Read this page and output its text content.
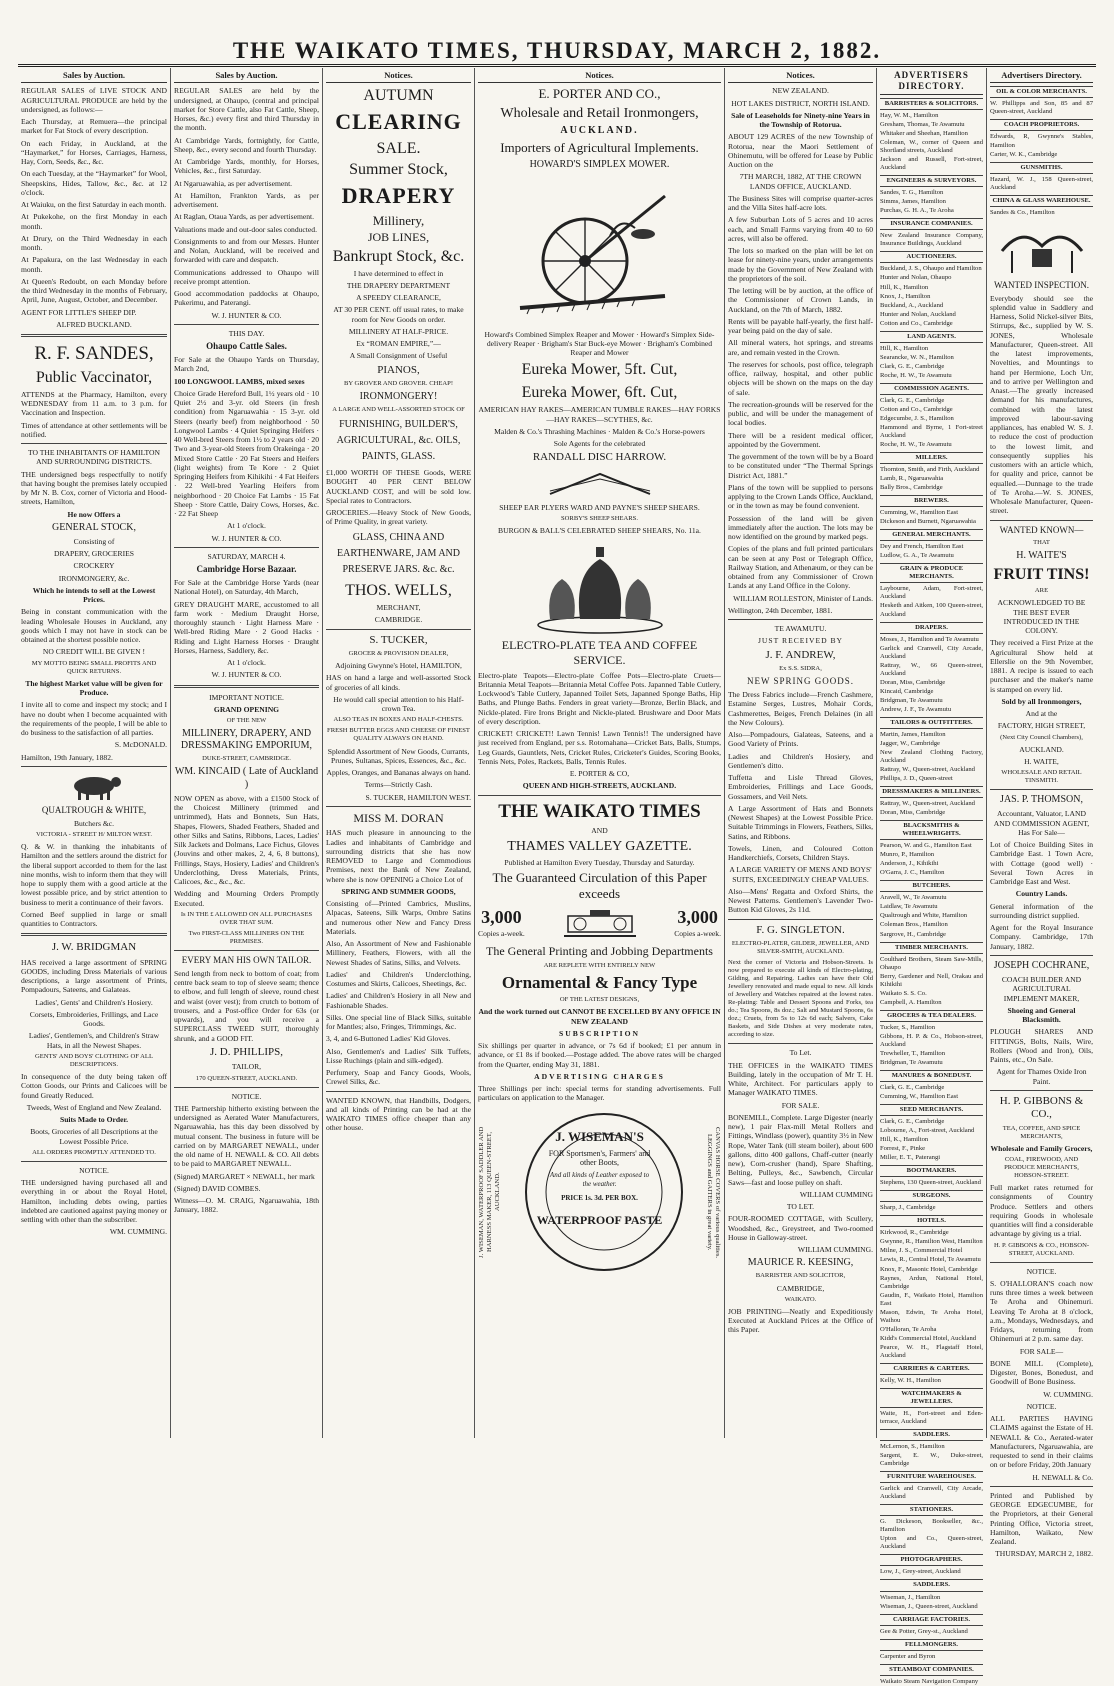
THE WAIKATO TIMES, THURSDAY, MARCH 2, 1882.
Sales by Auction.

REGULAR SALES of LIVE STOCK AND AGRICULTURAL PRODUCE are held by the undersigned, as follows:—

Each Thursday, at Remuera—the principal market for Fat Stock of every description.

On each Friday, in Auckland, at the “Haymarket,” for Horses, Carriages, Harness, Hay, Corn, Seeds, &c., &c.

On each Tuesday, at the “Haymarket” for Wool, Sheepskins, Hides, Tallow, &c., &c. at 12 o'clock.

At Waiuku, on the first Saturday in each month.

At Pukekohe, on the first Monday in each month.

At Drury, on the Third Wednesday in each month.

At Papakura, on the last Wednesday in each month.

At Queen's Redoubt, on each Monday before the third Wednesday in the months of February, April, June, August, October, and December.

AGENT FOR LITTLE'S SHEEP DIP.

ALFRED BUCKLAND.

R. F. SANDES,
Public Vaccinator,

ATTENDS at the Pharmacy, Hamilton, every WEDNESDAY from 11 a.m. to 3 p.m. for Vaccination and Inspection.

Times of attendance at other settlements will be notified.

TO THE INHABITANTS OF HAMILTON AND SURROUNDING DISTRICTS.

THE undersigned begs respectfully to notify that having bought the premises lately occupied by Mr N. B. Cox, corner of Victoria and Hood-streets, Hamilton,

He now Offers a

GENERAL STOCK,

Consisting of

DRAPERY, GROCERIES

CROCKERY

IRONMONGERY, &c.

Which he intends to sell at the Lowest Prices.

Being in constant communication with the leading Wholesale Houses in Auckland, any goods which I may not have in stock can be obtained at the shortest possible notice.

NO CREDIT WILL BE GIVEN !

MY MOTTO BEING SMALL PROFITS AND QUICK RETURNS.

The highest Market value will be given for Produce.

I invite all to come and inspect my stock; and I have no doubt when I become acquainted with the requirements of the people, I will be able to do business to the satisfaction of all parties.

S. McDONALD.

Hamilton, 19th January, 1882.

QUALTROUGH & WHITE,

Butchers &c.

VICTORIA - STREET H/ MILTON WEST.

Q. & W. in thanking the inhabitants of Hamilton and the settlers around the district for the liberal support accorded to them for the last nine months, wish to inform them that they will hope to supply them with a good article at the lowest possible price, and by strict attention to business to merit a continuance of their favors.

Corned Beef supplied in large or small quantities to Contractors.

J. W. BRIDGMAN

HAS received a large assortment of SPRING GOODS, including Dress Materials of various descriptions, a large assortment of Prints, Pompadours, Sateens, and Galateas.

Ladies', Gents' and Children's Hosiery.

Corsets, Embroideries, Frillings, and Lace Goods.

Ladies', Gentlemen's, and Children's Straw Hats, in all the Newest Shapes.

GENTS' AND BOYS' CLOTHING OF ALL DESCRIPTIONS.

In consequence of the duty being taken off Cotton Goods, our Prints and Calicoes will be found Greatly Reduced.

Tweeds, West of England and New Zealand.

Suits Made to Order.

Boots, Groceries of all Descriptions at the Lowest Possible Price.

ALL ORDERS PROMPTLY ATTENDED TO.

NOTICE.

THE undersigned having purchased all and everything in or about the Royal Hotel, Hamilton, including debts owing, parties indebted are cautioned against paying money or settling with other than the subscriber.

WM. CUMMING.

Sales by Auction.

REGULAR SALES are held by the undersigned, at Ohaupo, (central and principal market for Store Cattle, also Fat Cattle, Sheep, Horses, &c.) every first and third Thursday in the month.

At Cambridge Yards, fortnightly, for Cattle, Sheep, &c., every second and fourth Thursday.

At Cambridge Yards, monthly, for Horses, Vehicles, &c., first Saturday.

At Ngaruawahia, as per advertisement.

At Hamilton, Frankton Yards, as per advertisement.

At Raglan, Otaua Yards, as per advertisement.

Valuations made and out-door sales conducted.

Consignments to and from our Messrs. Hunter and Nolan, Auckland, will be received and forwarded with care and despatch.

Communications addressed to Ohaupo will receive prompt attention.

Good accommodation paddocks at Ohaupo, Pukerimu, and Paterangi.

W. J. HUNTER & CO.

THIS DAY.

Ohaupo Cattle Sales.

For Sale at the Ohaupo Yards on Thursday, March 2nd,

100 LONGWOOL LAMBS, mixed sexes

Choice Grade Hereford Bull, 1½ years old · 10 Quiet 2½ and 3-yr. old Steers (in fresh condition) from Ngaruawahia · 15 3-yr. old Steers (nearly beef) from neighborhood · 50 Longwool Lambs · 4 Quiet Springing Heifers · 40 Well-bred Steers from 1½ to 2 years old · 20 Two and 3-year-old Steers from Orakeinga · 20 Mixed Store Cattle · 20 Fat Steers and Heifers (light weights) from Te Kore · 2 Quiet Springing Heifers from Kihikihi · 4 Fat Heifers · 22 Well-bred Yearling Heifers from neighborhood · 20 Choice Fat Lambs · 15 Fat Sheep · Store Cattle, Dairy Cows, Horses, &c. · 22 Fat Sheep

At 1 o'clock.

W. J. HUNTER & CO.

SATURDAY, MARCH 4.

Cambridge Horse Bazaar.

For Sale at the Cambridge Horse Yards (near National Hotel), on Saturday, 4th March,

GREY DRAUGHT MARE, accustomed to all farm work · Medium Draught Horse, thoroughly staunch · Light Harness Mare · Well-bred Riding Mare · 2 Good Hacks · Riding and Light Harness Horses · Draught Horses, Harness, Saddlery, &c.

At 1 o'clock.

W. J. HUNTER & CO.

IMPORTANT NOTICE.

GRAND OPENING

OF THE NEW

MILLINERY, DRAPERY, AND DRESSMAKING EMPORIUM,

DUKE-STREET, CAMBRIDGE.

WM. KINCAID ( Late of Auckland )

NOW OPEN as above, with a £1500 Stock of the Choicest Millinery (trimmed and untrimmed), Hats and Bonnets, Sun Hats, Shapes, Flowers, Shaded Feathers, Shaded and other Silks and Satins, Ribbons, Laces, Ladies' Silk Jackets and Dolmans, Lace Fichus, Gloves (Jouvins and other makes, 2, 4, 6, 8 buttons), Frillings, Stays, Hosiery, Ladies' and Children's Underclothing, Dress Materials, Prints, Calicoes, &c., &c., &c.

Wedding and Mourning Orders Promptly Executed.

Is IN THE £ ALLOWED ON ALL PURCHASES OVER THAT SUM.

Two FIRST-CLASS MILLINERS ON THE PREMISES.

EVERY MAN HIS OWN TAILOR.

Send length from neck to bottom of coat; from centre back seam to top of sleeve seam; thence to elbow, and full length of sleeve, round chest and waist (over vest); from crutch to bottom of trousers, and a Post-office Order for 63s (or upwards), and you will receive a SUPERCLASS TWEED SUIT, thoroughly shrunk, and a GOOD FIT.

J. D. PHILLIPS,

TAILOR,

170 QUEEN-STREET, AUCKLAND.

NOTICE.

THE Partnership hitherto existing between the undersigned as Aerated Water Manufacturers, Ngaruawahia, has this day been dissolved by mutual consent. The business in future will be carried on by MARGARET NEWALL, under the old name of H. NEWALL & CO. All debts to be paid to MARGARET NEWALL.

(Signed) MARGARET × NEWALL, her mark

(Signed) DAVID COMBES.

Witness—O. M. CRAIG, Ngaruawahia, 18th January, 1882.

Notices.
AUTUMN
CLEARING
SALE.
Summer Stock,
DRAPERY
Millinery,
JOB LINES,
Bankrupt Stock, &c.

I have determined to effect in

THE DRAPERY DEPARTMENT

A SPEEDY CLEARANCE,

AT 30 PER CENT. off usual rates, to make room for New Goods on order.

MILLINERY AT HALF-PRICE.

Ex “ROMAN EMPIRE,”—

A Small Consignment of Useful

PIANOS,

BY GROVER AND GROVER. CHEAP!

IRONMONGERY!

A LARGE AND WELL-ASSORTED STOCK OF

FURNISHING, BUILDER'S, AGRICULTURAL, &c. OILS, PAINTS, GLASS.

£1,000 WORTH OF THESE Goods, WERE BOUGHT 40 PER CENT BELOW AUCKLAND COST, and will be sold low. Special rates to Contractors.

GROCERIES.—Heavy Stock of New Goods, of Prime Quality, in great variety.

GLASS, CHINA AND EARTHENWARE, JAM AND PRESERVE JARS. &c. &c.

THOS. WELLS,

MERCHANT,

CAMBRIDGE.

S. TUCKER,

GROCER & PROVISION DEALER,

Adjoining Gwynne's Hotel, HAMILTON,

HAS on hand a large and well-assorted Stock of groceries of all kinds.

He would call special attention to his Half-crown Tea.

ALSO TEAS IN BOXES AND HALF-CHESTS.

FRESH BUTTER EGGS AND CHEESE OF FINEST QUALITY ALWAYS ON HAND.

Splendid Assortment of New Goods, Currants, Prunes, Sultanas, Spices, Essences, &c., &c.

Apples, Oranges, and Bananas always on hand.

Terms—Strictly Cash.

S. TUCKER, HAMILTON WEST.

MISS M. DORAN

HAS much pleasure in announcing to the Ladies and inhabitants of Cambridge and surrounding districts that she has now REMOVED to Large and Commodious Premises, next the Bank of New Zealand, where she is now OPENING a Choice Lot of

SPRING AND SUMMER GOODS,

Consisting of—Printed Cambrics, Muslins, Alpacas, Sateens, Silk Warps, Ombre Satins and numerous other New and Fancy Dress Materials.

Also, An Assortment of New and Fashionable Millinery, Feathers, Flowers, with all the Newest Shades of Satins, Silks, and Velvets.

Ladies' and Children's Underclothing, Costumes and Skirts, Calicoes, Sheetings, &c.

Ladies' and Children's Hosiery in all New and Fashionable Shades.

Silks. One special line of Black Silks, suitable for Mantles; also, Fringes, Trimmings, &c.

3, 4, and 6-Buttoned Ladies' Kid Gloves.

Also, Gentlemen's and Ladies' Silk Tuffets, Lisse Ruchings (plain and silk-edged).

Perfumery, Soap and Fancy Goods, Wools, Crewel Silks, &c.

WANTED KNOWN, that Handbills, Dodgers, and all kinds of Printing can be had at the WAIKATO TIMES office cheaper than any other house.

Notices.

E. PORTER AND CO.,

Wholesale and Retail Ironmongers,

AUCKLAND.

Importers of Agricultural Implements.

HOWARD'S SIMPLEX MOWER.

Howard's Combined Simplex Reaper and Mower · Howard's Simplex Side-delivery Reaper · Brigham's Star Buck-eye Mower · Brigham's Combined Reaper and Mower

Eureka Mower, 5ft. Cut,

Eureka Mower, 6ft. Cut,

AMERICAN HAY RAKES—AMERICAN TUMBLE RAKES—HAY FORKS—HAY RAKES—SCYTHES, &c.

Malden & Co.'s Thrashing Machines · Malden & Co.'s Horse-powers

Sole Agents for the celebrated

RANDALL DISC HARROW.

SHEEP EAR PLYERS WARD AND PAYNE'S SHEEP SHEARS.

SORBY'S SHEEP SHEARS.

BURGON & BALL'S CELEBRATED SHEEP SHEARS, No. 11a.

ELECTRO-PLATE TEA AND COFFEE SERVICE.

Electro-plate Teapots—Electro-plate Coffee Pots—Electro-plate Cruets—Britannia Metal Teapots—Britannia Metal Coffee Pots. Japanned Table Cutlery, Lockwood's Table Cutlery, Japanned Toilet Sets, Japanned Sponge Baths, Hip Baths, and Plunge Baths. Fenders in great variety—Bronze, Berlin Black, and Nickle-plated. Fire Irons Bright and Nickle-plated. Brushware and Door Mats of every description.

CRICKET! CRICKET!! Lawn Tennis! Lawn Tennis!! The undersigned have just received from England, per s.s. Rotomahana—Cricket Bats, Balls, Stumps, Leg Guards, Gauntlets, Nets, Cricket Rules, Cricketer's Guides, Scoring Books, Tennis Nets, Poles, Rackets, Balls, Tennis Rules.

E. PORTER & CO,

QUEEN AND HIGH-STREETS, AUCKLAND.

THE WAIKATO TIMES

AND

THAMES VALLEY GAZETTE.

Published at Hamilton Every Tuesday, Thursday and Saturday.

The Guaranteed Circulation of this Paper exceeds

3,000
Copies a-week.
3,000
Copies a-week.

The General Printing and Jobbing Departments

ARE REPLETE WITH ENTIRELY NEW

Ornamental & Fancy Type

OF THE LATEST DESIGNS,

And the work turned out CANNOT BE EXCELLED BY ANY OFFICE IN NEW ZEALAND

SUBSCRIPTION

Six shillings per quarter in advance, or 7s 6d if booked; £1 per annum in advance, or £1 8s if booked.—Postage added. The above rates will be charged from the Quarter, ending May 31, 1881.

ADVERTISING CHARGES

Three Shillings per inch: special terms for standing advertisements. Full particulars on application to the Manager.

J. WISEMAN, WATERPROOF SADDLER AND HARNESS MAKER, 113 QUEEN-STREET, AUCKLAND.	CANVAS HORSE COVERS of various qualities. LEGGINGS and GAITERS in great variety.
J. WISEMAN'S
FOR Sportsmen's, Farmers' and other Boots,
And all kinds of Leather exposed to the weather.
PRICE 1s. 3d. PER BOX.
WATERPROOF PASTE
Notices.

NEW ZEALAND.

HOT LAKES DISTRICT, NORTH ISLAND.

Sale of Leaseholds for Ninety-nine Years in the Township of Rotorua.

ABOUT 129 ACRES of the new Township of Rotorua, near the Maori Settlement of Ohinemutu, will be offered for Lease by Public Auction on the

7TH MARCH, 1882, AT THE CROWN LANDS OFFICE, AUCKLAND.

The Business Sites will comprise quarter-acres and the Villa Sites half-acre lots.

A few Suburban Lots of 5 acres and 10 acres each, and Small Farms varying from 40 to 60 acres, will also be offered.

The lots so marked on the plan will be let on lease for ninety-nine years, under arrangements made by the Government of New Zealand with the proprietors of the soil.

The letting will be by auction, at the office of the Commissioner of Crown Lands, in Auckland, on the 7th of March, 1882.

Rents will be payable half-yearly, the first half-year being paid on the day of sale.

All mineral waters, hot springs, and streams are, and remain vested in the Crown.

The reserves for schools, post office, telegraph office, railway, hospital, and other public objects will be shown on the maps on the day of sale.

The recreation-grounds will be reserved for the public, and will be under the management of local bodies.

There will be a resident medical officer, appointed by the Government.

The government of the town will be by a Board to be constituted under “The Thermal Springs District Act, 1881.”

Plans of the town will be supplied to persons applying to the Crown Lands Office, Auckland, or in the town as may be found convenient.

Possession of the land will be given immediately after the auction. The lots may be now identified on the ground by marked pegs.

Copies of the plans and full printed particulars can be seen at any Post or Telegraph Office, Railway Station, and Athenæum, or they can be obtained from any Commissioner of Crown Lands at any Land Office in the Colony.

WILLIAM ROLLESTON, Minister of Lands.

Wellington, 24th December, 1881.

TE AWAMUTU.

JUST RECEIVED BY

J. F. ANDREW,

Ex S.S. SIDRA,

NEW SPRING GOODS.

The Dress Fabrics include—French Cashmere, Estamine Serges, Lustres, Mohair Cords, Cashmerettes, Beiges, French Delaines (in all the New Colours).

Also—Pompadours, Galateas, Sateens, and a Good Variety of Prints.

Ladies and Children's Hosiery, and Gentlemen's ditto.

Tuffetta and Lisle Thread Gloves, Embroideries, Frillings and Lace Goods, Gossamers, and Veil Nets.

A Large Assortment of Hats and Bonnets (Newest Shapes) at the Lowest Possible Price. Suitable Trimmings in Flowers, Feathers, Silks, Satins, and Ribbons.

Towels, Linen, and Coloured Cotton Handkerchiefs, Corsets, Children Stays.

A LARGE VARIETY OF MENS AND BOYS' SUITS, EXCEEDINGLY CHEAP VALUES.

Also—Mens' Regatta and Oxford Shirts, the Newest Patterns. Gentlemen's Lavender Two-Button Kid Gloves, 2s 11d.

F. G. SINGLETON.

ELECTRO-PLATER, GILDER, JEWELLER, AND SILVER-SMITH, AUCKLAND.

Next the corner of Victoria and Hobson-Streets. Is now prepared to execute all kinds of Electro-plating, Gilding, and Repairing. Ladies can have their Old Jewellery renovated and made equal to new. All kinds of Jewellery and Watches repaired at the lowest rates. Re-plating: Table and Dessert Spoons and Forks, tea do.; Tea Spoons, 8s doz.; Salt and Mustard Spoons, 6s doz.; Cruets, from 5s to 12s 6d each; Salvers, Cake Baskets, and Side Dishes at very moderate rates, according to size.

To Let.

THE OFFICES in the WAIKATO TIMES Building, lately in the occupation of Mr T. H. White, Architect. For particulars apply to Manager WAIKATO TIMES.

FOR SALE.

BONEMILL, Complete. Large Digester (nearly new), 1 pair Flax-mill Metal Rollers and Fittings, Windlass (power), quantity 3½ in New Rope, Water Tank (till steam boiler), about 600 gallons, ditto 400 gallons, Chaff-cutter (nearly new), Corn-crusher (hand), Spare Shafting, Belting, Pulleys, &c., Sawbench, Circular Saws—fast and loose pulley on shaft.

WILLIAM CUMMING

TO LET.

FOUR-ROOMED COTTAGE, with Scullery, Woodshed, &c., Greystreet, and Two-roomed House in Galloway-street.

WILLIAM CUMMING.

MAURICE R. KEESING,

BARRISTER AND SOLICITOR,

CAMBRIDGE,

WAIKATO.

JOB PRINTING—Neatly and Expeditiously Executed at Auckland Prices at the Office of this Paper.

ADVERTISERS DIRECTORY.
BARRISTERS & SOLICITORS.

Hay, W. M., Hamilton

Gresham, Thomas, Te Awamutu

Whitaker and Sheehan, Hamilton

Coleman, W., corner of Queen and Shortland streets, Auckland

Jackson and Russell, Fort-street, Auckland

ENGINEERS & SURVEYORS.

Sandes, T. G., Hamilton

Simms, James, Hamilton

Purchas, G. H. A., Te Aroha

INSURANCE COMPANIES.

New Zealand Insurance Company, Insurance Buildings, Auckland

AUCTIONEERS.

Buckland, J. S., Ohaupo and Hamilton

Hunter and Nolan, Ohaupo

Hill, K., Hamilton

Knox, J., Hamilton

Buckland, A., Auckland

Hunter and Nolan, Auckland

Cotton and Co., Cambridge

LAND AGENTS.

Hill, K., Hamilton

Searancke, W. N., Hamilton

Clark, G. E., Cambridge

Roche, H. W., Te Awamutu

COMMISSION AGENTS.

Clark, G. E., Cambridge

Cotton and Co., Cambridge

Edgecumbe, J. S., Hamilton

Hammond and Byrne, 1 Fort-street Auckland

Roche, H. W., Te Awamutu

MILLERS.

Thornton, Smith, and Firth, Auckland

Lamb, R., Ngaruawahia

Bally Bros., Cambridge

BREWERS.

Cumming, W., Hamilton East

Dickeson and Burnett, Ngaruawahia

GENERAL MERCHANTS.

Dey and French, Hamilton East

Ludlow, G. A., Te Awamutu

GRAIN & PRODUCE MERCHANTS.

Laybourne, Adam, Fort-street, Auckland

Hesketh and Aitken, 100 Queen-street, Auckland

DRAPERS.

Moses, J., Hamilton and Te Awamutu

Garlick and Cranwell, City Arcade, Auckland

Rattray, W., 66 Queen-street, Auckland

Doran, Miss, Cambridge

Kincaid, Cambridge

Bridgman, Te Awamutu

Andrew, J. F., Te Awamutu

TAILORS & OUTFITTERS.

Martin, James, Hamilton

Jagger, W., Cambridge

New Zealand Clothing Factory, Auckland

Rattray, W., Queen-street, Auckland

Phillips, J. D., Queen-street

DRESSMAKERS & MILLINERS.

Rattray, W., Queen-street, Auckland

Doran, Miss, Cambridge

BLACKSMITHS & WHEELWRIGHTS.

Pearson, W. and G., Hamilton East

Munro, P., Hamilton

Anderson, J., Kihikihi

O'Garra, J. C., Hamilton

BUTCHERS.

Aravell, W., Te Awamutu

Laidlaw, Te Awamutu

Qualtrough and White, Hamilton

Coleman Bros., Hamilton

Sargrove, H., Cambridge

TIMBER MERCHANTS.

Coulthard Brothers, Steam Saw-Mills, Ohaupo

Berry, Gardener and Nell, Orakau and Kihikihi

Waikato S. S. Co.

Campbell, A. Hamilton

GROCERS & TEA DEALERS.

Tucker, S., Hamilton

Gibbons, H. P. & Co., Hobson-street, Auckland

Trewheller, T., Hamilton

Bridgman, Te Awamutu

MANURES & BONEDUST.

Clark, G. E., Cambridge

Cumming, W., Hamilton East

SEED MERCHANTS.

Clark, G. E., Cambridge

Lobourne, A., Fort-street, Auckland

Hill, K., Hamilton

Forrest, F., Pinke

Miller, E. T., Paterangi

BOOTMAKERS.

Stephens, 130 Queen-street, Auckland

SURGEONS.

Sharp, J., Cambridge

HOTELS.

Kirkwood, R., Cambridge

Gwynne, R., Hamilton West, Hamilton

Milne, J. S., Commercial Hotel

Lewis, R., Central Hotel, Te Awamutu

Knox, F., Masonic Hotel, Cambridge

Raynes, Ardun, National Hotel, Cambridge

Gaudin, F., Waikato Hotel, Hamilton East

Mason, Edwin, Te Aroha Hotel, Waihou

O'Halloran, Te Aroha

Kidd's Commercial Hotel, Auckland

Pearce, W. H., Flagstaff Hotel, Auckland

CARRIERS & CARTERS.

Kelly, W. H., Hamilton

WATCHMAKERS & JEWELLERS.

Waite, H., Fort-street and Eden-terrace, Auckland

SADDLERS.

McLernon, S., Hamilton

Sargent, E. W., Duke-street, Cambridge

FURNITURE WAREHOUSES.

Garlick and Cranwell, City Arcade, Auckland

STATIONERS.

G. Dickeson, Bookseller, &c., Hamilton

Upton and Co., Queen-street, Auckland

PHOTOGRAPHERS.

Low, J., Grey-street, Auckland

SADDLERS.

Wiseman, J., Hamilton

Wiseman, J., Queen-street, Auckland

CARRIAGE FACTORIES.

Gee & Potter, Grey-st., Auckland

FELLMONGERS.

Carpenter and Byron

STEAMBOAT COMPANIES.

Waikato Steam Navigation Company

Advertisers Directory.
OIL & COLOR MERCHANTS.

W. Phillipps and Son, 85 and 87 Queen-street, Auckland

COACH PROPRIETORS.

Edwards, R, Gwynne's Stables, Hamilton

Carter, W. K., Cambridge

GUNSMITHS.

Hazard, W. J., 158 Queen-street, Auckland

CHINA & GLASS WAREHOUSE.

Sandes & Co., Hamilton

WANTED INSPECTION.

Everybody should see the splendid value in Saddlery and Harness, Solid Nickel-silver Bits, Stirrups, &c., supplied by W. S. JONES, Wholesale Manufacturer, Queen-street. All the latest improvements, Novelties, and Mountings to hand per Hermione, Loch Urr, and to arrive per Wellington and Anast.—The greatly increased demand for his manufactures, combined with the latest improved labour-saving appliances, has enabled W. S. J. to reduce the cost of production to the lowest limit, and consequently supplies his customers with an article which, for quality and price, cannot be equalled.—Dunnage to the trade of Te Aroha.—W. S. JONES, Wholesale Manufacturer, Queen-street.

WANTED KNOWN—

THAT

H. WAITE'S

FRUIT TINS!

ARE

ACKNOWLEDGED TO BE THE BEST EVER INTRODUCED IN THE COLONY.

They received a First Prize at the Agricultural Show held at Ellerslie on the 9th November, 1881. A recipe is issued to each purchaser and the maker's name is stamped on every lid.

Sold by all Ironmongers,

And at the

FACTORY, HIGH STREET,

(Next City Council Chambers),

AUCKLAND.

H. WAITE,

WHOLESALE AND RETAIL TINSMITH.

JAS. P. THOMSON,

Accountant, Valuator, LAND AND COMMISSION AGENT, Has For Sale—

Lot of Choice Building Sites in Cambridge East. 1 Town Acre, with Cottage (good well) · Several Town Acres in Cambridge East and West.

Country Lands.

General information of the surrounding district supplied.

Agent for the Royal Insurance Company. Cambridge, 17th January, 1882.

JOSEPH COCHRANE,

COACH BUILDER AND AGRICULTURAL IMPLEMENT MAKER,

Shoeing and General Blacksmith.

PLOUGH SHARES AND FITTINGS, Bolts, Nails, Wire, Rollers (Wood and Iron), Oils, Paints, etc., On Sale.

Agent for Thames Oxide Iron Paint.

H. P. GIBBONS & CO.,

TEA, COFFEE, AND SPICE MERCHANTS,

Wholesale and Family Grocers,

COAL, FIREWOOD, AND PRODUCE MERCHANTS, HOBSON-STREET.

Full market rates returned for consignments of Country Produce. Settlers and others requiring Goods in wholesale quantities will find a considerable advantage by giving us a trial.

H. P. GIBBONS & CO., HOBSON-STREET, AUCKLAND.

NOTICE.

S. O'HALLORAN'S coach now runs three times a week between Te Aroha and Ohinemuri. Leaving Te Aroha at 8 o'clock, a.m., Mondays, Wednesdays, and Fridays, returning from Ohinemuri at 2 p.m. same day.

FOR SALE—

BONE MILL (Complete), Digester, Bones, Bonedust, and Goodwill of Bone Business.

W. CUMMING.

NOTICE.

ALL PARTIES HAVING CLAIMS against the Estate of H. NEWALL & Co., Aerated-water Manufacturers, Ngaruawahia, are requested to send in their claims on or before Friday, 20th January

H. NEWALL & Co.

Printed and Published by GEORGE EDGECUMBE, for the Proprietors, at their General Printing Office, Victoria street, Hamilton, Waikato, New Zealand.

THURSDAY, MARCH 2, 1882.
